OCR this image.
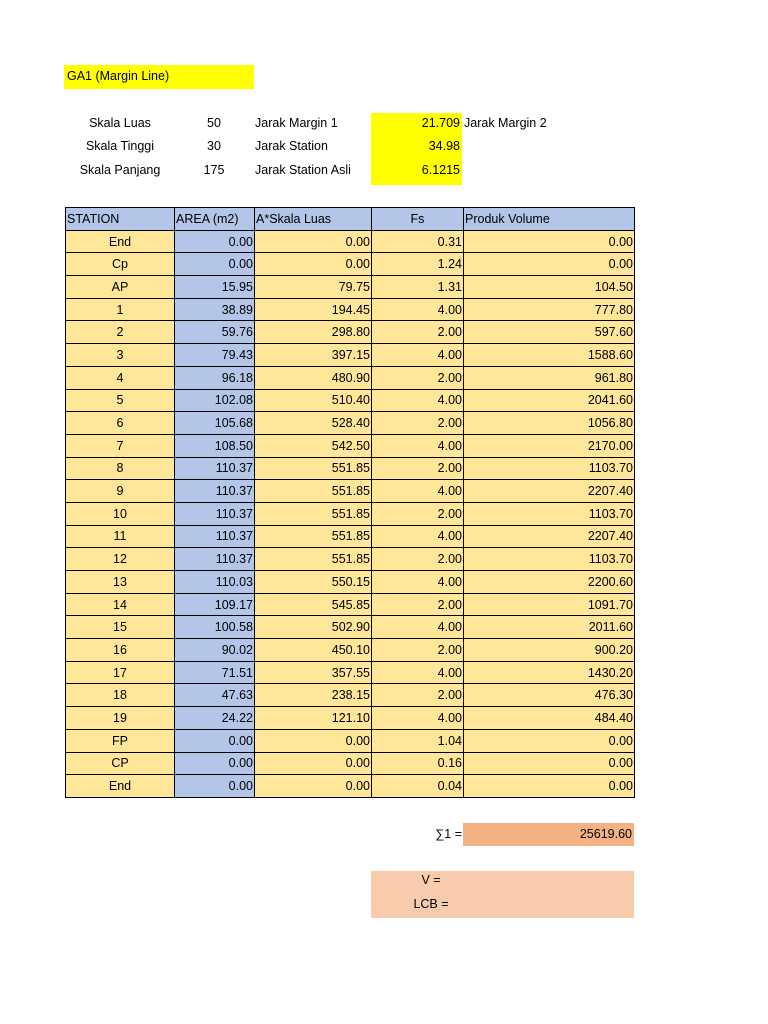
GA1 (Margin Line)
Skala Luas	50	Jarak Margin 1	21.709 Jarak Margin 2
Skala Tinggi	30	Jarak Station	34.98
Skala Panjang	175	Jarak Station Asli	6.1215
STATION	AREA (m2)	A*Skala Luas	Fs	Produk Volume
End	0.00	0.00	0.31	0.00
Cp	0.00	0.00	1.24	0.00
AP	15.95	79.75	1.31	104.50
1	38.89	194.45	4.00	777.80
2	59.76	298.80	2.00	597.60
3	79.43	397.15	4.00	1588.60
4	96.18	480.90	2.00	961.80
5	102.08	510.40	4.00	2041.60
6	105.68	528.40	2.00	1056.80
7	108.50	542.50	4.00	2170.00
8	110.37	551.85	2.00	1103.70
9	110.37	551.85	4.00	2207.40
10	110.37	551.85	2.00	1103.70
11	110.37	551.85	4.00	2207.40
12	110.37	551.85	2.00	1103.70
13	110.03	550.15	4.00	2200.60
14	109.17	545.85	2.00	1091.70
15	100.58	502.90	4.00	2011.60
16	90.02	450.10	2.00	900.20
17	71.51	357.55	4.00	1430.20
18	47.63	238.15	2.00	476.30
19	24.22	121.10	4.00	484.40
FP	0.00	0.00	1.04	0.00
CP	0.00	0.00	0.16	0.00
End	0.00	0.00	0.04	0.00
∑1 =	25619.60
V =
LCB =
